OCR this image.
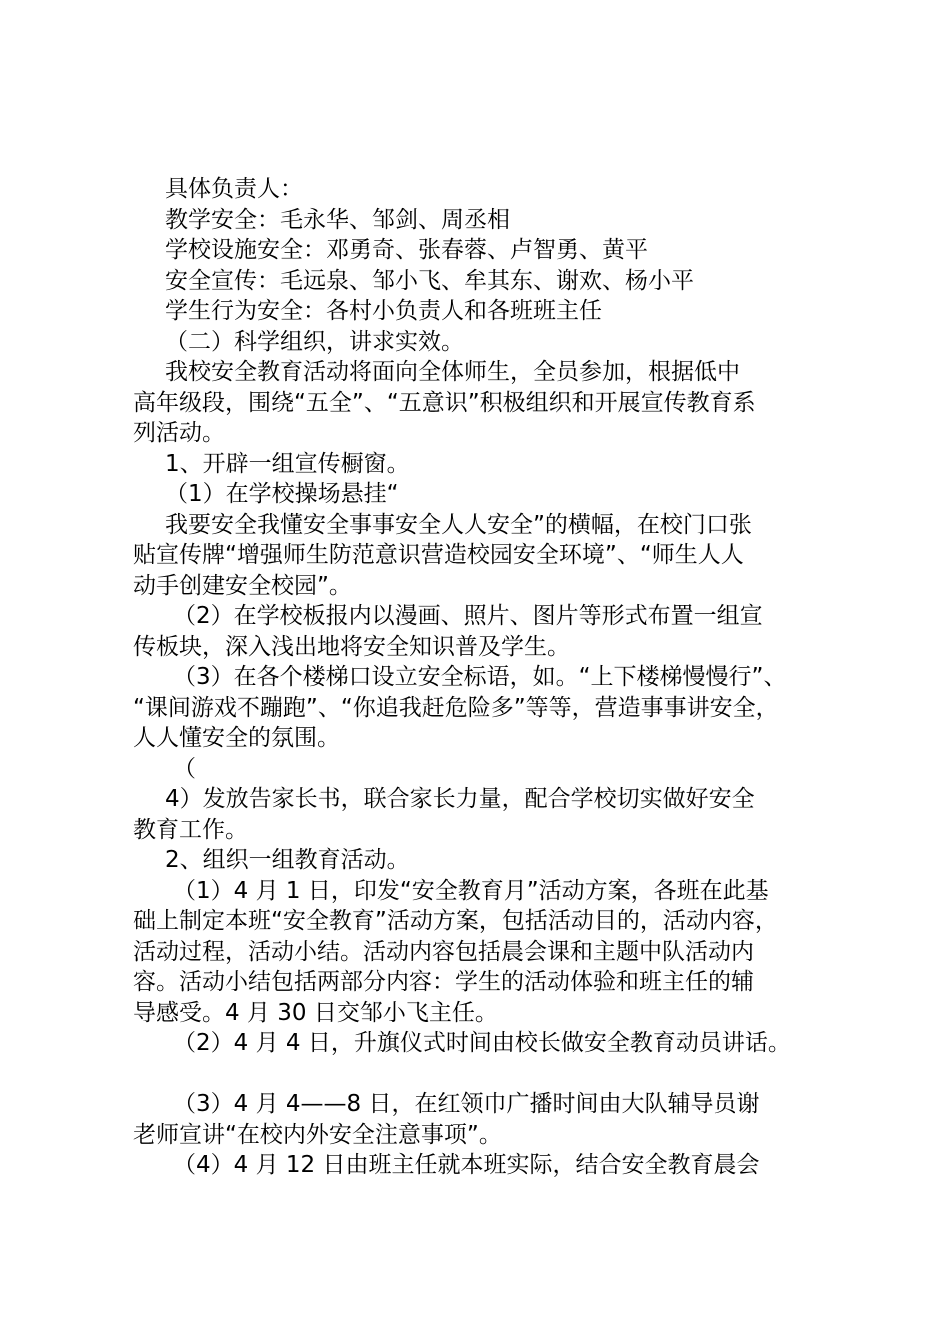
具体负责人：
教学安全：毛永华、邹剑、周丞相
学校设施安全：邓勇奇、张春蓉、卢智勇、黄平
安全宣传：毛远泉、邹小飞、牟其东、谢欢、杨小平
学生行为安全：各村小负责人和各班班主任
（二）科学组织，讲求实效。
我校安全教育活动将面向全体师生，全员参加，根据低中
高年级段，围绕“五全”、“五意识”积极组织和开展宣传教育系
列活动。
1、开辟一组宣传橱窗。
（1）在学校操场悬挂“
我要安全我懂安全事事安全人人安全”的横幅，在校门口张
贴宣传牌“增强师生防范意识营造校园安全环境”、“师生人人
动手创建安全校园”。
（2）在学校板报内以漫画、照片、图片等形式布置一组宣
传板块，深入浅出地将安全知识普及学生。
（3）在各个楼梯口设立安全标语，如。“上下楼梯慢慢行”、
“课间游戏不蹦跑”、“你追我赶危险多”等等，营造事事讲安全，
人人懂安全的氛围。
（
4）发放告家长书，联合家长力量，配合学校切实做好安全
教育工作。
2、组织一组教育活动。
（1）4 月 1 日，印发“安全教育月”活动方案，各班在此基
础上制定本班“安全教育”活动方案，包括活动目的，活动内容，
活动过程，活动小结。活动内容包括晨会课和主题中队活动内
容。活动小结包括两部分内容：学生的活动体验和班主任的辅
导感受。4 月 30 日交邹小飞主任。
（2）4 月 4 日，升旗仪式时间由校长做安全教育动员讲话。
（3）4 月 4——8 日，在红领巾广播时间由大队辅导员谢
老师宣讲“在校内外安全注意事项”。
（4）4 月 12 日由班主任就本班实际，结合安全教育晨会
